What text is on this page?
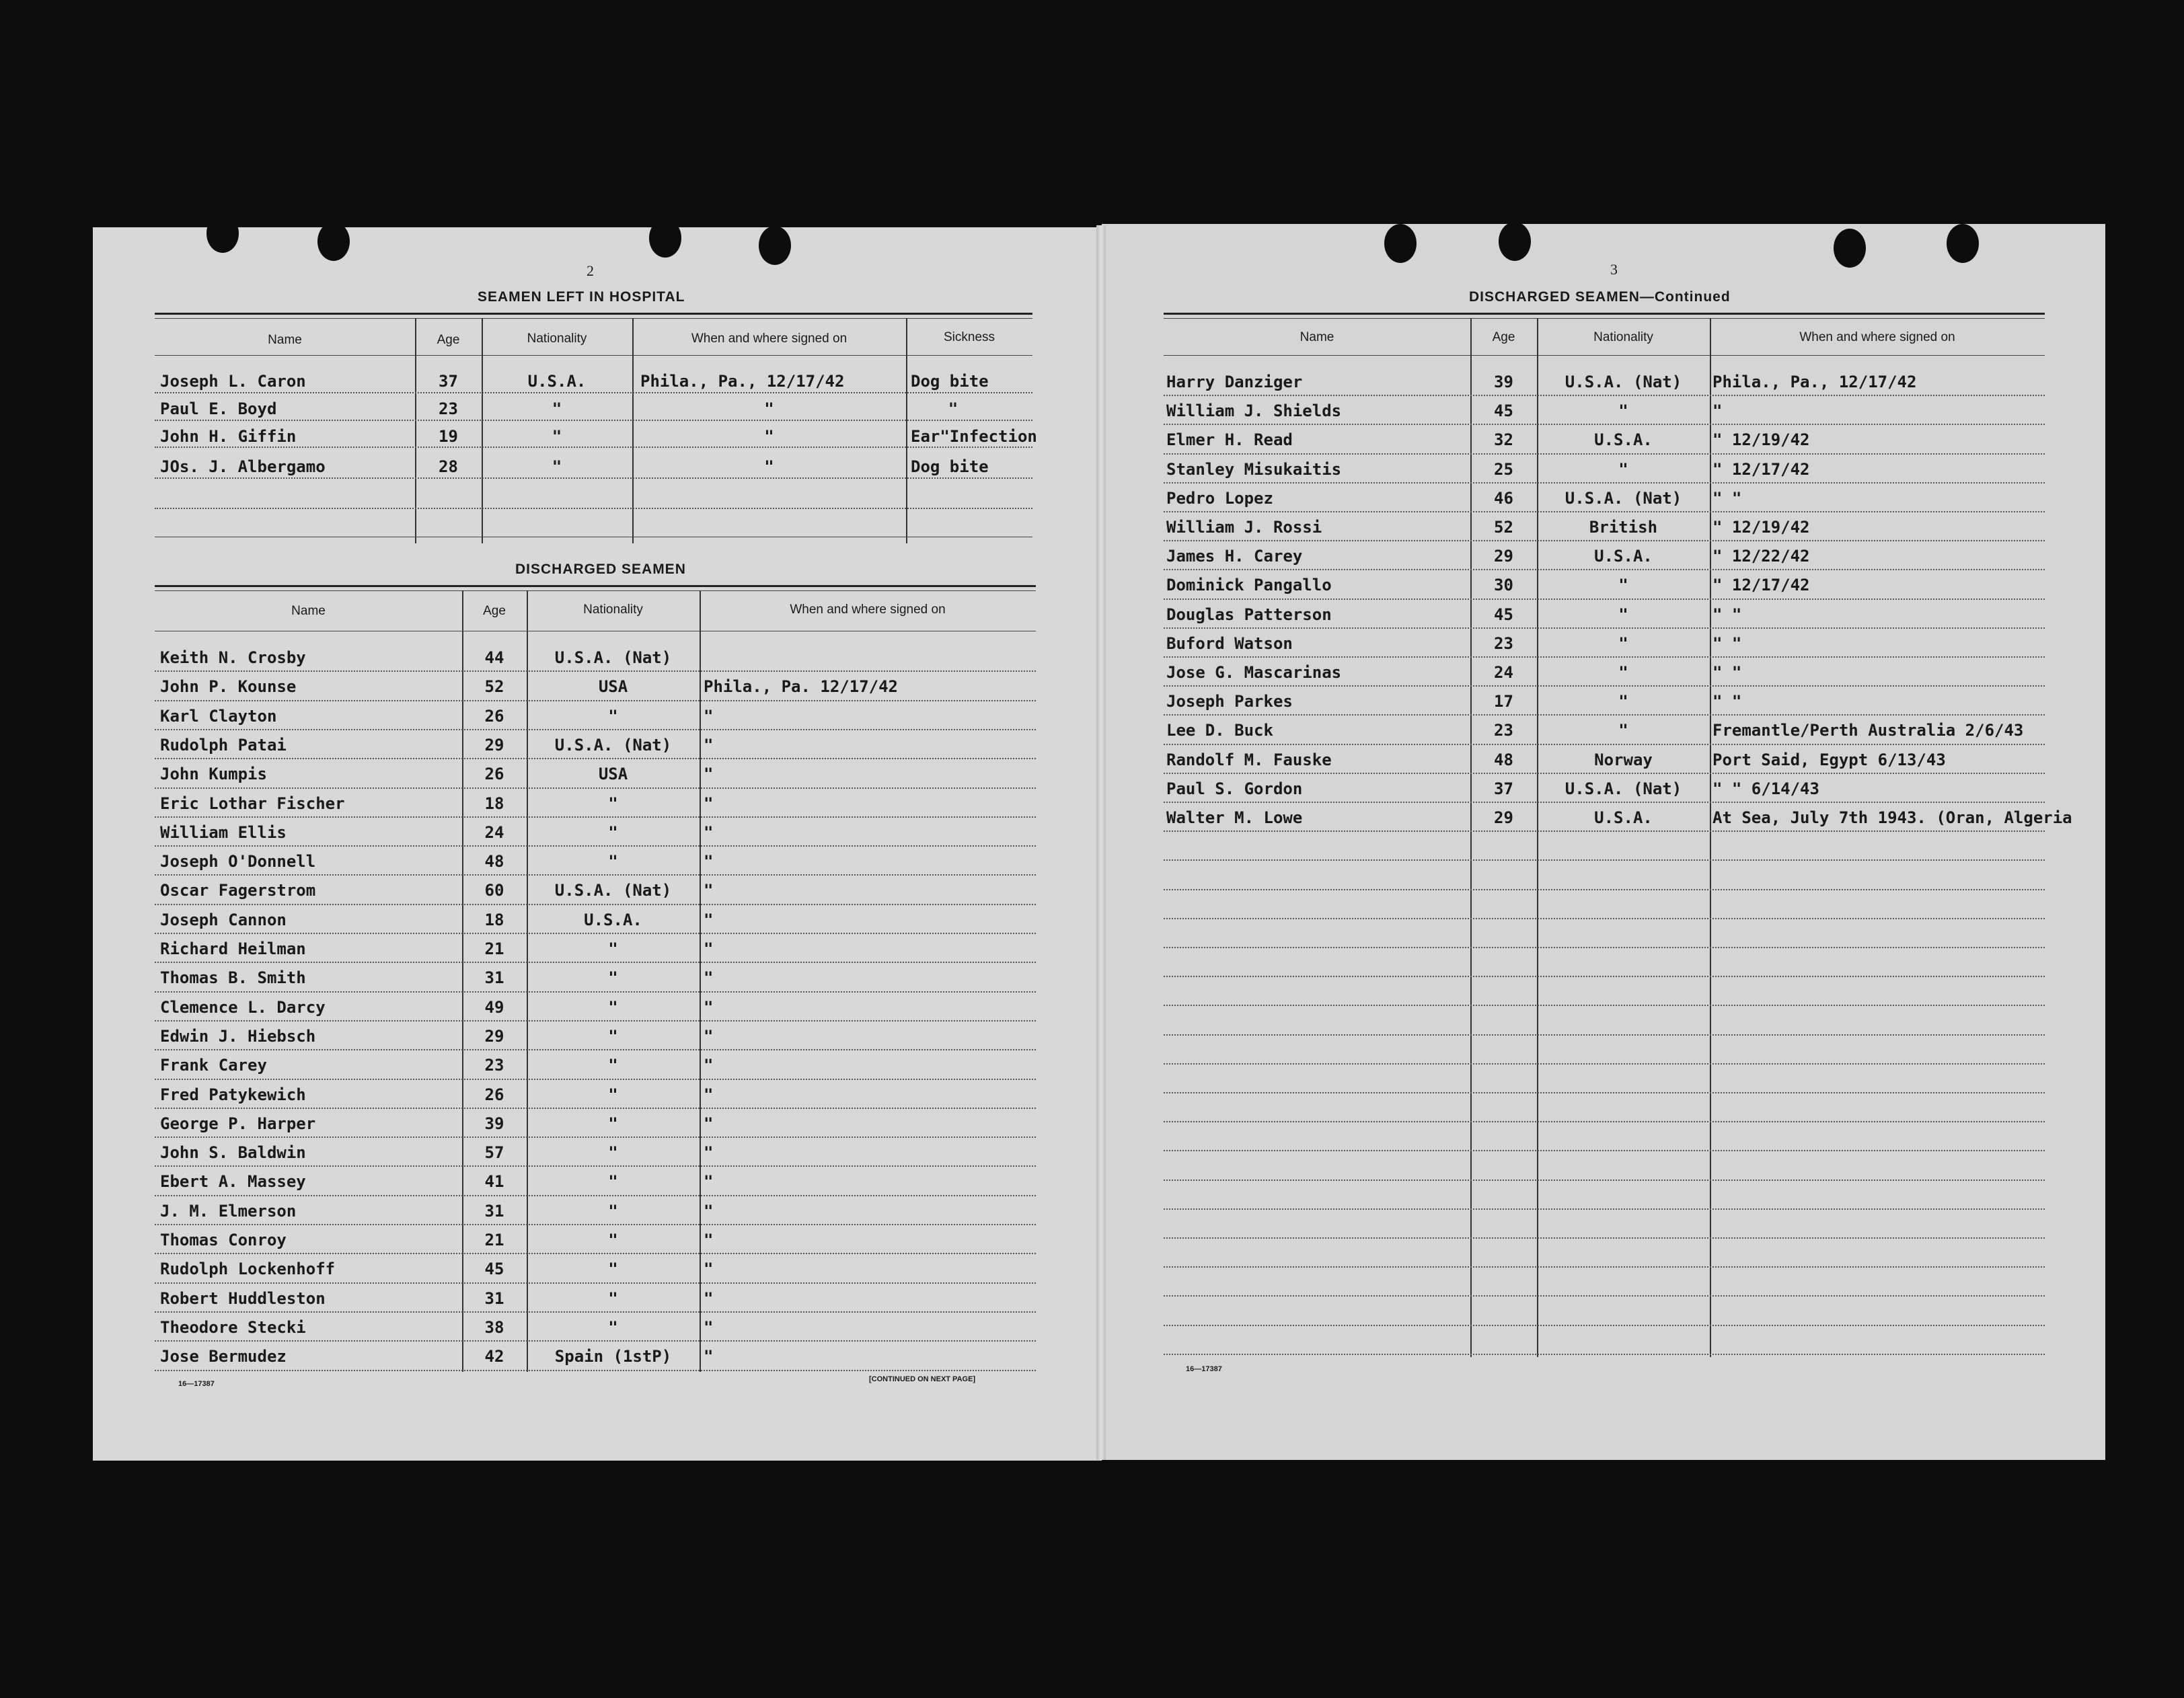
2
SEAMEN LEFT IN HOSPITAL
Name	Age	Nationality	When and where signed on	Sickness
Joseph L. Caron	37	U.S.A.	Phila., Pa., 12/17/42	Dog bite
Paul E. Boyd	23	"	"	"
John H. Giffin	19	"	"	Ear"Infection
JOs. J. Albergamo	28	"	"	Dog bite
DISCHARGED SEAMEN
Name	Age	Nationality	When and where signed on
Keith N. Crosby	44	U.S.A. (Nat)
John P. Kounse	52	USA	Phila., Pa. 12/17/42
Karl Clayton	26	"	"
Rudolph Patai	29	U.S.A. (Nat)	"
John Kumpis	26	USA	"
Eric Lothar Fischer	18	"	"
William Ellis	24	"	"
Joseph O'Donnell	48	"	"
Oscar Fagerstrom	60	U.S.A. (Nat)	"
Joseph Cannon	18	U.S.A.	"
Richard Heilman	21	"	"
Thomas B. Smith	31	"	"
Clemence L. Darcy	49	"	"
Edwin J. Hiebsch	29	"	"
Frank Carey	23	"	"
Fred Patykewich	26	"	"
George P. Harper	39	"	"
John S. Baldwin	57	"	"
Ebert A. Massey	41	"	"
J. M. Elmerson	31	"	"
Thomas Conroy	21	"	"
Rudolph Lockenhoff	45	"	"
Robert Huddleston	31	"	"
Theodore Stecki	38	"	"
Jose Bermudez	42	Spain (1stP)	"
16—17387
[CONTINUED ON NEXT PAGE]
3
DISCHARGED SEAMEN—Continued
Name	Age	Nationality	When and where signed on
Harry Danziger	39	U.S.A. (Nat)	Phila., Pa., 12/17/42
William J. Shields	45	"	"
Elmer H. Read	32	U.S.A.	" 12/19/42
Stanley Misukaitis	25	"	" 12/17/42
Pedro Lopez	46	U.S.A. (Nat)	" "
William J. Rossi	52	British	" 12/19/42
James H. Carey	29	U.S.A.	" 12/22/42
Dominick Pangallo	30	"	" 12/17/42
Douglas Patterson	45	"	" "
Buford Watson	23	"	" "
Jose G. Mascarinas	24	"	" "
Joseph Parkes	17	"	" "
Lee D. Buck	23	"	Fremantle/Perth Australia 2/6/43
Randolf M. Fauske	48	Norway	Port Said, Egypt 6/13/43
Paul S. Gordon	37	U.S.A. (Nat)	" " 6/14/43
Walter M. Lowe	29	U.S.A.	At Sea, July 7th 1943. (Oran, Algeria
16—17387
